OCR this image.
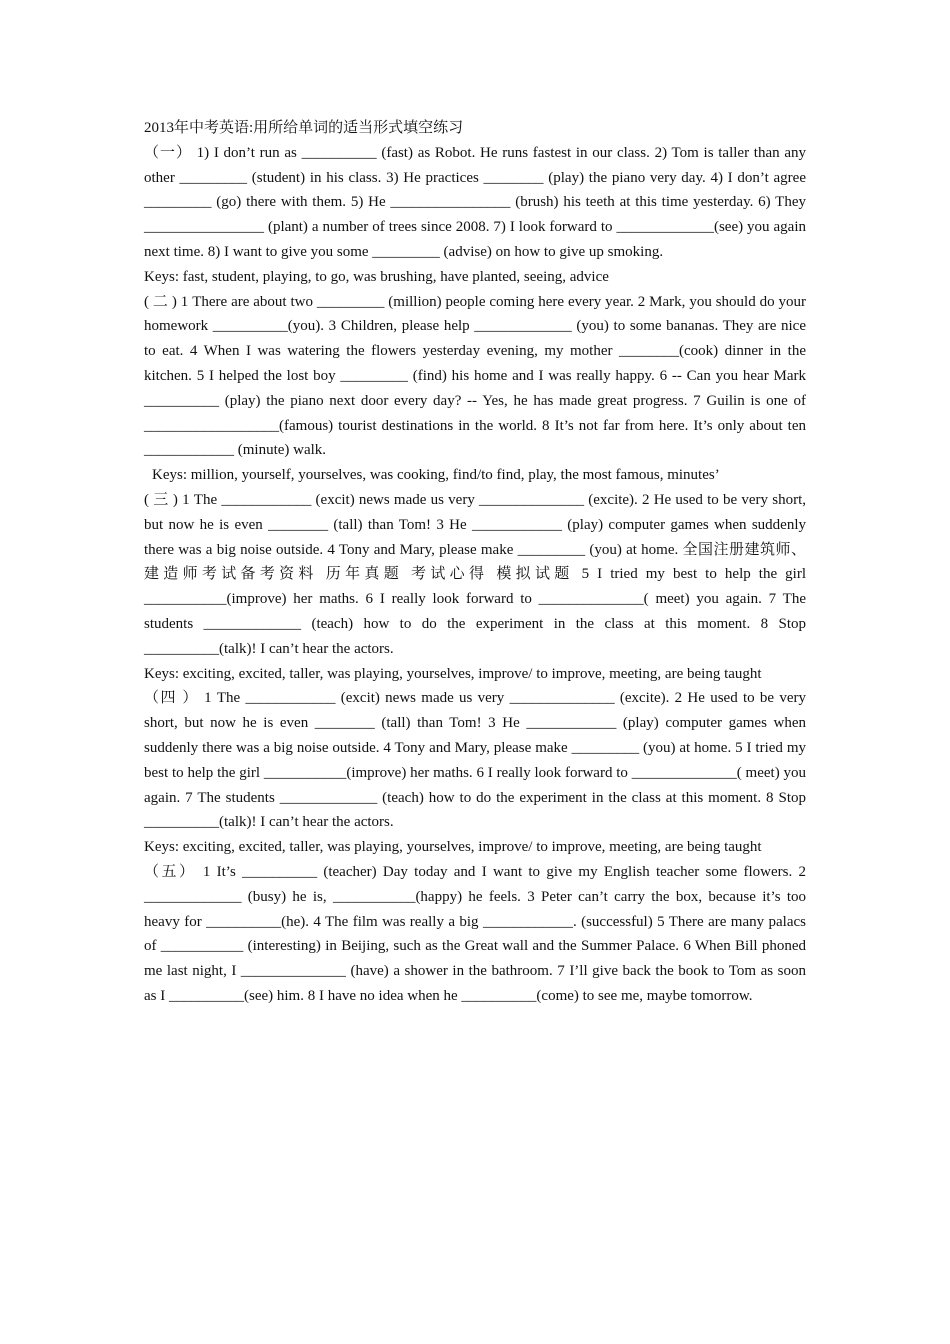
2013年中考英语:用所给单词的适当形式填空练习

（一） 1) I don’t run as __________ (fast) as Robot. He runs fastest in our class. 2) Tom is taller than any other _________ (student) in his class. 3) He practices ________ (play) the piano very day. 4) I don’t agree _________ (go) there with them. 5) He ________________ (brush) his teeth at this time yesterday. 6) They ________________ (plant) a number of trees since 2008. 7) I look forward to _____________(see) you again next time. 8) I want to give you some _________ (advise) on how to give up smoking.

Keys: fast, student, playing, to go, was brushing, have planted, seeing, advice

( 二 ) 1 There are about two _________ (million) people coming here every year. 2 Mark, you should do your homework __________(you). 3 Children, please help _____________ (you) to some bananas. They are nice to eat. 4 When I was watering the flowers yesterday evening, my mother ________(cook) dinner in the kitchen. 5 I helped the lost boy _________ (find) his home and I was really happy. 6 -- Can you hear Mark __________ (play) the piano next door every day? -- Yes, he has made great progress. 7 Guilin is one of __________________(famous) tourist destinations in the world. 8 It’s not far from here. It’s only about ten ____________ (minute) walk.

Keys: million, yourself, yourselves, was cooking, find/to find, play, the most famous, minutes’

( 三 ) 1 The ____________ (excit) news made us very ______________ (excite). 2 He used to be very short, but now he is even ________ (tall) than Tom! 3 He ____________ (play) computer games when suddenly there was a big noise outside. 4 Tony and Mary, please make _________ (you) at home. 全国注册建筑师、建造师考试备考资料 历年真题 考试心得 模拟试题 5 I tried my best to help the girl ___________(improve) her maths. 6 I really look forward to ______________( meet) you again. 7 The students _____________ (teach) how to do the experiment in the class at this moment. 8 Stop __________(talk)! I can’t hear the actors.

Keys: exciting, excited, taller, was playing, yourselves, improve/ to improve, meeting, are being taught

（四 ） 1 The ____________ (excit) news made us very ______________ (excite). 2 He used to be very short, but now he is even ________ (tall) than Tom! 3 He ____________ (play) computer games when suddenly there was a big noise outside. 4 Tony and Mary, please make _________ (you) at home. 5 I tried my best to help the girl ___________(improve) her maths. 6 I really look forward to ______________( meet) you again. 7 The students _____________ (teach) how to do the experiment in the class at this moment. 8 Stop __________(talk)! I can’t hear the actors.

Keys: exciting, excited, taller, was playing, yourselves, improve/ to improve, meeting, are being taught

（五） 1 It’s __________ (teacher) Day today and I want to give my English teacher some flowers. 2 _____________ (busy) he is, ___________(happy) he feels. 3 Peter can’t carry the box, because it’s too heavy for __________(he). 4 The film was really a big ____________. (successful) 5 There are many palacs of ___________ (interesting) in Beijing, such as the Great wall and the Summer Palace. 6 When Bill phoned me last night, I ______________ (have) a shower in the bathroom. 7 I’ll give back the book to Tom as soon as I __________(see) him. 8 I have no idea when he __________(come) to see me, maybe tomorrow.
